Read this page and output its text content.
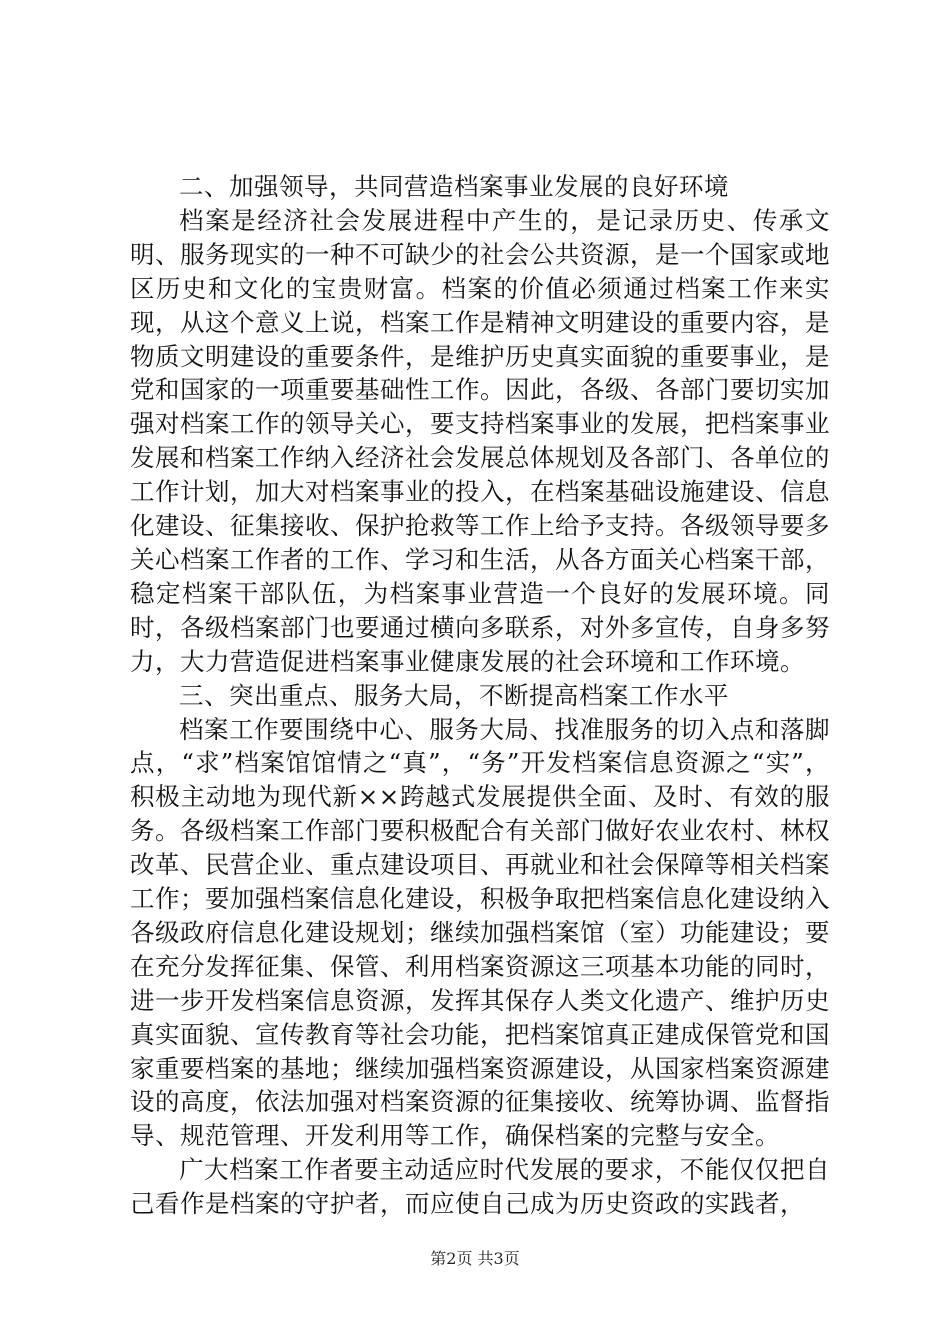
二、加强领导，共同营造档案事业发展的良好环境

档案是经济社会发展进程中产生的，是记录历史、传承文明、服务现实的一种不可缺少的社会公共资源，是一个国家或地区历史和文化的宝贵财富。档案的价值必须通过档案工作来实现，从这个意义上说，档案工作是精神文明建设的重要内容，是物质文明建设的重要条件，是维护历史真实面貌的重要事业，是党和国家的一项重要基础性工作。因此，各级、各部门要切实加强对档案工作的领导关心，要支持档案事业的发展，把档案事业发展和档案工作纳入经济社会发展总体规划及各部门、各单位的工作计划，加大对档案事业的投入，在档案基础设施建设、信息化建设、征集接收、保护抢救等工作上给予支持。各级领导要多关心档案工作者的工作、学习和生活，从各方面关心档案干部，稳定档案干部队伍，为档案事业营造一个良好的发展环境。同时，各级档案部门也要通过横向多联系，对外多宣传，自身多努力，大力营造促进档案事业健康发展的社会环境和工作环境。

三、突出重点、服务大局，不断提高档案工作水平

档案工作要围绕中心、服务大局、找准服务的切入点和落脚点，“求”档案馆馆情之“真”，“务”开发档案信息资源之“实”，积极主动地为现代新××跨越式发展提供全面、及时、有效的服务。各级档案工作部门要积极配合有关部门做好农业农村、林权改革、民营企业、重点建设项目、再就业和社会保障等相关档案工作；要加强档案信息化建设，积极争取把档案信息化建设纳入各级政府信息化建设规划；继续加强档案馆（室）功能建设；要在充分发挥征集、保管、利用档案资源这三项基本功能的同时，进一步开发档案信息资源，发挥其保存人类文化遗产、维护历史真实面貌、宣传教育等社会功能，把档案馆真正建成保管党和国家重要档案的基地；继续加强档案资源建设，从国家档案资源建设的高度，依法加强对档案资源的征集接收、统筹协调、监督指导、规范管理、开发利用等工作，确保档案的完整与安全。

广大档案工作者要主动适应时代发展的要求，不能仅仅把自己看作是档案的守护者，而应使自己成为历史资政的实践者，

第2页 共3页
